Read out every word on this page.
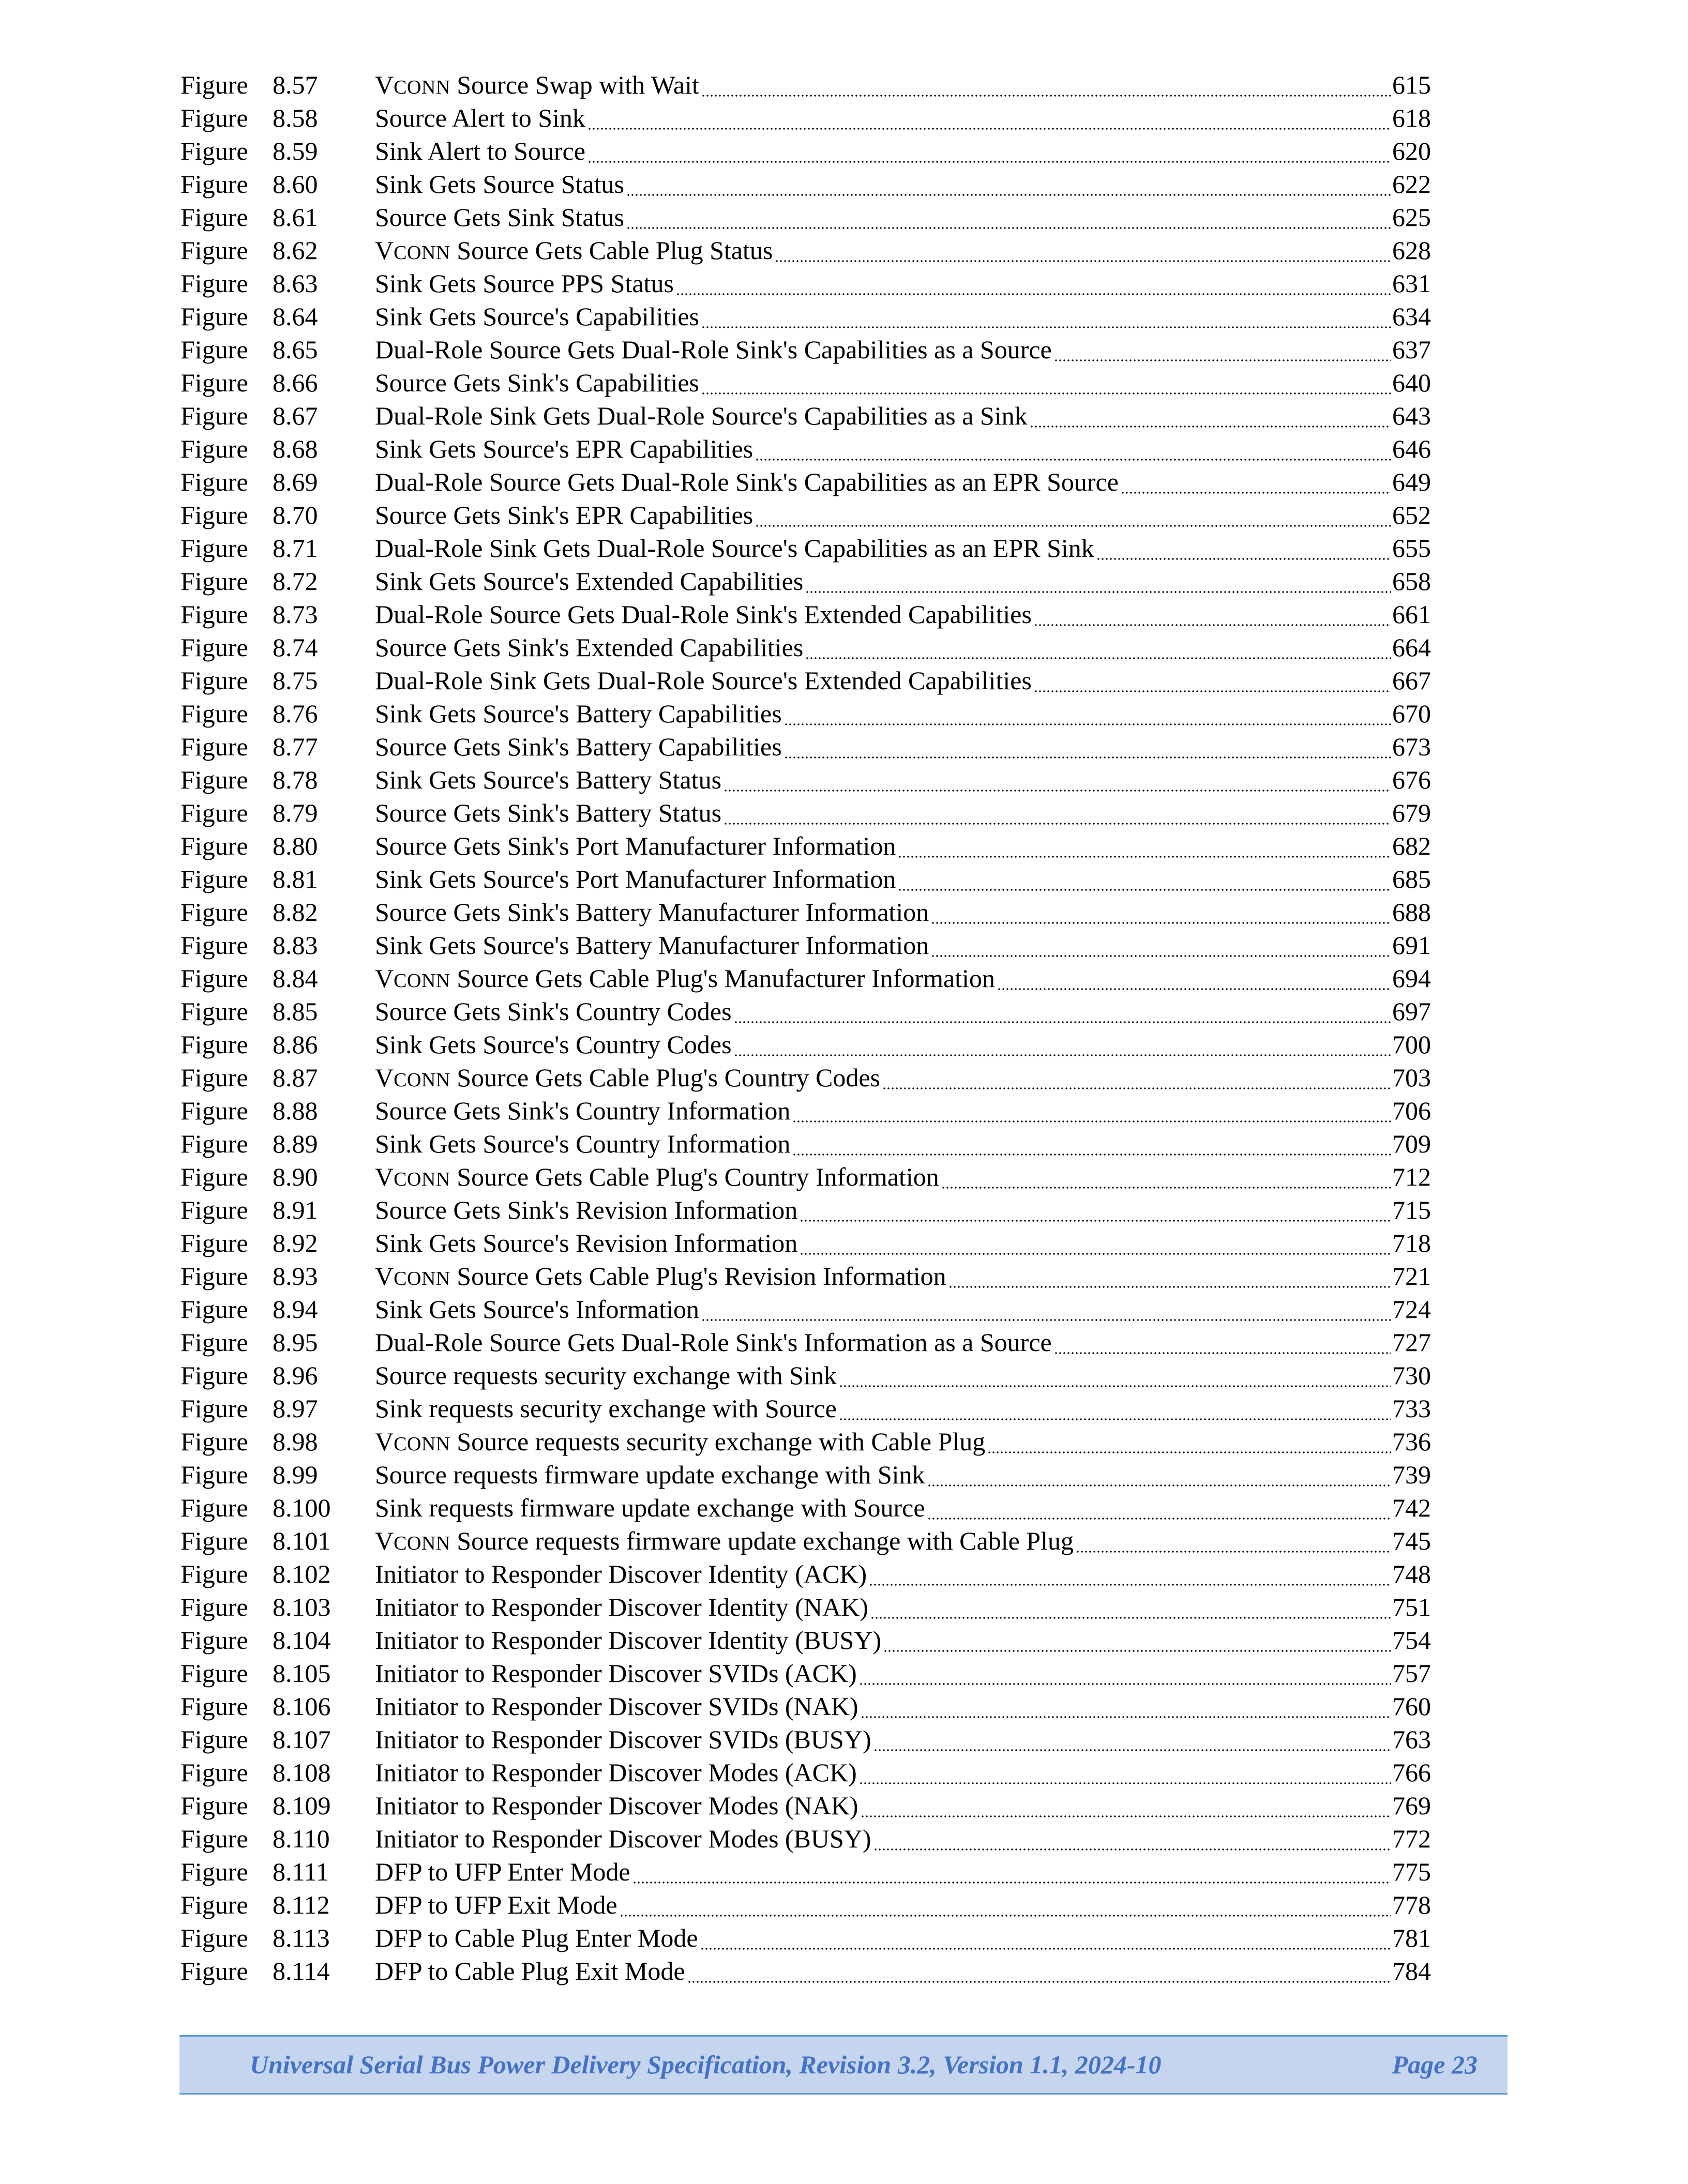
Figure 8.57 VCONN Source Swap with Wait	615
Figure 8.58 Source Alert to Sink	618
Figure 8.59 Sink Alert to Source	620
Figure 8.60 Sink Gets Source Status	622
Figure 8.61 Source Gets Sink Status	625
Figure 8.62 VCONN Source Gets Cable Plug Status	628
Figure 8.63 Sink Gets Source PPS Status	631
Figure 8.64 Sink Gets Source's Capabilities	634
Figure 8.65 Dual-Role Source Gets Dual-Role Sink's Capabilities as a Source	637
Figure 8.66 Source Gets Sink's Capabilities	640
Figure 8.67 Dual-Role Sink Gets Dual-Role Source's Capabilities as a Sink	643
Figure 8.68 Sink Gets Source's EPR Capabilities	646
Figure 8.69 Dual-Role Source Gets Dual-Role Sink's Capabilities as an EPR Source	649
Figure 8.70 Source Gets Sink's EPR Capabilities	652
Figure 8.71 Dual-Role Sink Gets Dual-Role Source's Capabilities as an EPR Sink	655
Figure 8.72 Sink Gets Source's Extended Capabilities	658
Figure 8.73 Dual-Role Source Gets Dual-Role Sink's Extended Capabilities	661
Figure 8.74 Source Gets Sink's Extended Capabilities	664
Figure 8.75 Dual-Role Sink Gets Dual-Role Source's Extended Capabilities	667
Figure 8.76 Sink Gets Source's Battery Capabilities	670
Figure 8.77 Source Gets Sink's Battery Capabilities	673
Figure 8.78 Sink Gets Source's Battery Status	676
Figure 8.79 Source Gets Sink's Battery Status	679
Figure 8.80 Source Gets Sink's Port Manufacturer Information	682
Figure 8.81 Sink Gets Source's Port Manufacturer Information	685
Figure 8.82 Source Gets Sink's Battery Manufacturer Information	688
Figure 8.83 Sink Gets Source's Battery Manufacturer Information	691
Figure 8.84 VCONN Source Gets Cable Plug's Manufacturer Information	694
Figure 8.85 Source Gets Sink's Country Codes	697
Figure 8.86 Sink Gets Source's Country Codes	700
Figure 8.87 VCONN Source Gets Cable Plug's Country Codes	703
Figure 8.88 Source Gets Sink's Country Information	706
Figure 8.89 Sink Gets Source's Country Information	709
Figure 8.90 VCONN Source Gets Cable Plug's Country Information	712
Figure 8.91 Source Gets Sink's Revision Information	715
Figure 8.92 Sink Gets Source's Revision Information	718
Figure 8.93 VCONN Source Gets Cable Plug's Revision Information	721
Figure 8.94 Sink Gets Source's Information	724
Figure 8.95 Dual-Role Source Gets Dual-Role Sink's Information as a Source	727
Figure 8.96 Source requests security exchange with Sink	730
Figure 8.97 Sink requests security exchange with Source	733
Figure 8.98 VCONN Source requests security exchange with Cable Plug	736
Figure 8.99 Source requests firmware update exchange with Sink	739
Figure 8.100 Sink requests firmware update exchange with Source	742
Figure 8.101 VCONN Source requests firmware update exchange with Cable Plug	745
Figure 8.102 Initiator to Responder Discover Identity (ACK)	748
Figure 8.103 Initiator to Responder Discover Identity (NAK)	751
Figure 8.104 Initiator to Responder Discover Identity (BUSY)	754
Figure 8.105 Initiator to Responder Discover SVIDs (ACK)	757
Figure 8.106 Initiator to Responder Discover SVIDs (NAK)	760
Figure 8.107 Initiator to Responder Discover SVIDs (BUSY)	763
Figure 8.108 Initiator to Responder Discover Modes (ACK)	766
Figure 8.109 Initiator to Responder Discover Modes (NAK)	769
Figure 8.110 Initiator to Responder Discover Modes (BUSY)	772
Figure 8.111 DFP to UFP Enter Mode	775
Figure 8.112 DFP to UFP Exit Mode	778
Figure 8.113 DFP to Cable Plug Enter Mode	781
Figure 8.114 DFP to Cable Plug Exit Mode	784
Universal Serial Bus Power Delivery Specification, Revision 3.2, Version 1.1, 2024-10	Page 23
